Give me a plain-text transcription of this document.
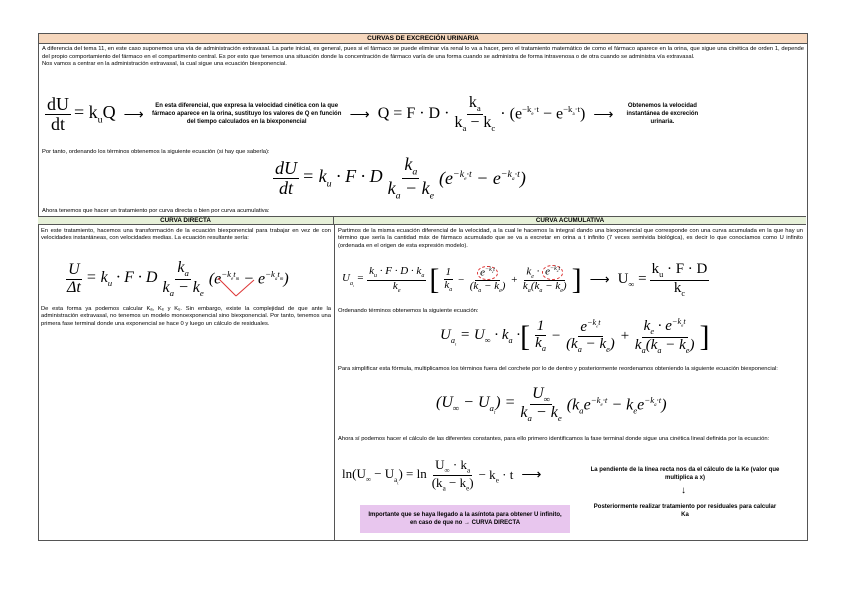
CURVAS DE EXCRECIÓN URINARIA
A diferencia del tema 11, en este caso suponemos una vía de administración extravasal. La parte inicial, es general, pues si el fármaco se puede eliminar vía renal lo va a hacer, pero el tratamiento matemático de como el fármaco aparece en la orina, que sigue una cinética de orden 1, depende del propio comportamiento del fármaco en el compartimento central. Es por esto que tenemos una situación donde la concentración de fármaco varía de una forma cuando se administra de forma intravenosa o de otra cuando se administra vía extravasal.
Nos vamos a centrar en la administración extravasal, la cual sigue una ecuación biexponencial.
$\frac{dU}{dt} = k_uQ$ ⟶	En esta diferencial, que expresa la velocidad cinética con la que fármaco aparece en la orina, sustituyo los valores de Q en función del tiempo calculados en la biexponencial
⟶ $Q = F \cdot D \cdot \frac{k_a}{k_a - k_c} \cdot (e^{-k_e\cdot t} - e^{-k_a\cdot t})$ ⟶	Obtenemos la velocidad instantánea de excreción urinaria.
Por tanto, ordenando los términos obtenemos la siguiente ecuación (si hay que saberla):
$\frac{dU}{dt} = k_u \cdot F \cdot D \frac{k_a}{k_a - k_e} (e^{-k_e\cdot t} - e^{-k_a\cdot t})$
Ahora tenemos que hacer un tratamiento por curva directa o bien por curva acumulativa:
CURVA DIRECTA	CURVA ACUMULATIVA
En este tratamiento, hacemos una transformación de la ecuación biexponencial para trabajar en vez de con velocidades instantáneas, con velocidades medias. La ecuación resultante sería:
$\frac{U}{\Delta t} = k_u \cdot F \cdot D \frac{k_a}{k_a - k_e} (e^{-k_et_m} - e^{-k_at_m})$
De esta forma ya podemos calcular Kₐ, Kₑ y Kᵤ. Sin embargo, existe la complejidad de que ante la administración extravasal, no tenemos un modelo monoexponencial sino biexponencial. Por tanto, tenemos una primera fase terminal donde una exponencial se hace 0 y luego un cálculo de residuales.
Partimos de la misma ecuación diferencial de la velocidad, a la cual le hacemos la integral dando una biexponencial que corresponde con una curva acumulada en la que hay un término que sería la cantidad máx de fármaco acumulado que se va a excretar en orina a t infinito (7 veces semivida biológica), es decir lo que conocíamos como U infinito (ordenada en el origen de esta expresión modelo).
$U_{a_t} = \frac{k_u \cdot F \cdot D \cdot k_a}{k_e}$ [ $\frac{1}{k_a} - \frac{e^{-k_et}}{(k_a - k_e)} + \frac{k_e \cdot e^{-k_at}}{k_a(k_a - k_e)}$ ] ⟶ $U_\infty = \frac{k_u \cdot F \cdot D}{k_c}$
Ordenando términos obtenemos la siguiente ecuación:
$U_{a_t} = U_\infty \cdot k_a$ · [ $\frac{1}{k_a} - \frac{e^{-k_et}}{(k_a - k_e)} + \frac{k_e \cdot e^{-k_at}}{k_a(k_a - k_e)}$ ]
Para simplificar esta fórmula, multiplicamos los términos fuera del corchete por lo de dentro y posteriormente reordenamos obteniendo la siguiente ecuación biexponencial:
$(U_\infty - U_{a_t}) = \frac{U_\infty}{k_a - k_e} (k_ae^{-k_e\cdot t} - k_ee^{-k_a\cdot t})$
Ahora sí podemos hacer el cálculo de las diferentes constantes, para ello primero identificamos la fase terminal donde sigue una cinética lineal definida por la ecuación:
$\ln(U_\infty - U_{a_t}) = \ln \frac{U_\infty \cdot k_a}{(k_a - k_e)} - k_e \cdot t$ ⟶	La pendiente de la línea recta nos da el cálculo de la Ke (valor que multiplica a x)
↓
Posteriormente realizar tratamiento por residuales para calcular Ka
Importante que se haya llegado a la asíntota para obtener U infinito, en caso de que no → CURVA DIRECTA
